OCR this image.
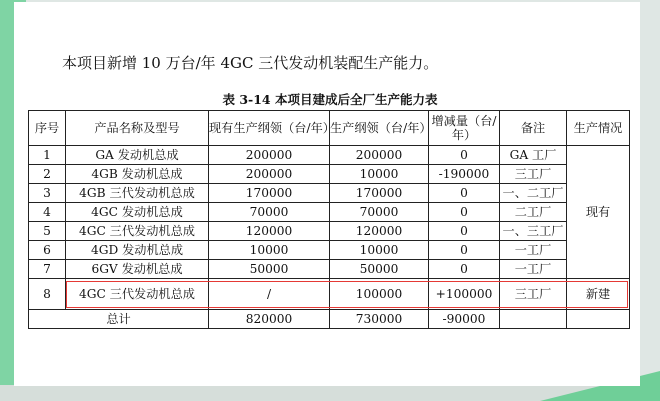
本项目新增 10 万台/年 4GC 三代发动机装配生产能力。
表 3-14 本项目建成后全厂生产能力表
序号	产品名称及型号	现有生产纲领（台/年）	生产纲领（台/年）	增减量（台/年）	备注	生产情况
1	GA 发动机总成	200000	200000	0	GA 工厂	现有
2	4GB 发动机总成	200000	10000	-190000	三工厂	
3	4GB 三代发动机总成	170000	170000	0	一、二工厂	
4	4GC 发动机总成	70000	70000	0	二工厂	
5	4GC 三代发动机总成	120000	120000	0	一、三工厂	
6	4GD 发动机总成	10000	10000	0	一工厂	
7	6GV 发动机总成	50000	50000	0	一工厂	
8	4GC 三代发动机总成	/	100000	+100000	三工厂	新建
总计		820000	730000	-90000		
